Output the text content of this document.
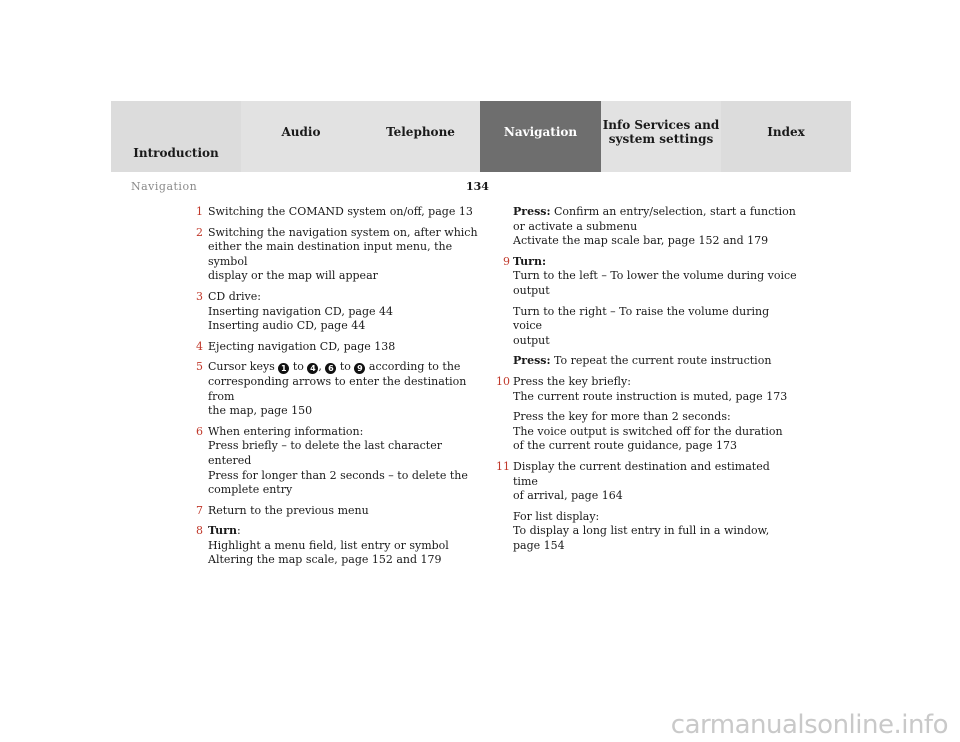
Introduction
Audio	Telephone	Navigation Info Services and
system settings	Index
Navigation	134
1 Switching the COMAND system on/off, page 13
2 Switching the navigation system on, after which
either the main destination input menu, the symbol
display or the map will appear
3 CD drive:
Inserting navigation CD, page 44
Inserting audio CD, page 44
4 Ejecting navigation CD, page 138
5 Cursor keys 1 to 4 , 6 to 9 according to the
corresponding arrows to enter the destination from
the map, page 150
6 When entering information:
Press briefly – to delete the last character entered
Press for longer than 2 seconds – to delete the
complete entry
7 Return to the previous menu
8 Turn:
Highlight a menu field, list entry or symbol
Altering the map scale, page 152 and 179
Press: Confirm an entry/selection, start a function
or activate a submenu
Activate the map scale bar, page 152 and 179
9 Turn:
Turn to the left – To lower the volume during voice
output
Turn to the right – To raise the volume during voice
output
Press: To repeat the current route instruction
10 Press the key briefly:
The current route instruction is muted, page 173
Press the key for more than 2 seconds:
The voice output is switched off for the duration
of the current route guidance, page 173
11 Display the current destination and estimated time
of arrival, page 164
For list display:
To display a long list entry in full in a window,
page 154
carmanualsonline.info
